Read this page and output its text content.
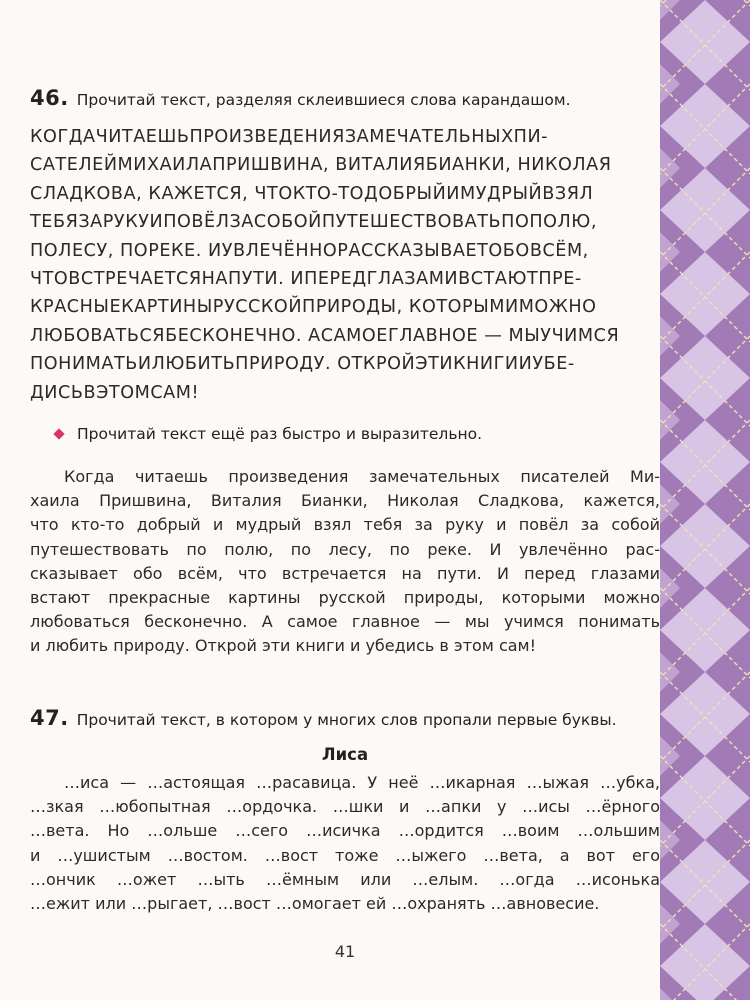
46. Прочитай текст, разделяя склеившиеся слова карандашом.
КОГДАЧИТАЕШЬПРОИЗВЕДЕНИЯЗАМЕЧАТЕЛЬНЫХПИ-
САТЕЛЕЙМИХАИЛАПРИШВИНА, ВИТАЛИЯБИАНКИ, НИКОЛАЯ
СЛАДКОВА, КАЖЕТСЯ, ЧТОКТО-ТОДОБРЫЙИМУДРЫЙВЗЯЛ
ТЕБЯЗАРУКУИПОВЁЛЗАСОБОЙПУТЕШЕСТВОВАТЬПОПОЛЮ,
ПОЛЕСУ, ПОРЕКЕ. ИУВЛЕЧЁННОРАССКАЗЫВАЕТОБОВСЁМ,
ЧТОВСТРЕЧАЕТСЯНАПУТИ. ИПЕРЕДГЛАЗАМИВСТАЮТПРЕ-
КРАСНЫЕКАРТИНЫРУССКОЙПРИРОДЫ, КОТОРЫМИМОЖНО
ЛЮБОВАТЬСЯБЕСКОНЕЧНО. АСАМОЕГЛАВНОЕ — МЫУЧИМСЯ
ПОНИМАТЬИЛЮБИТЬПРИРОДУ. ОТКРОЙЭТИКНИГИИУБЕ-
ДИСЬВЭТОМСАМ!
Прочитай текст ещё раз быстро и выразительно.
Когда читаешь произведения замечательных писателей Ми-
хаила Пришвина, Виталия Бианки, Николая Сладкова, кажется,
что кто-то добрый и мудрый взял тебя за руку и повёл за собой
путешествовать по полю, по лесу, по реке. И увлечённо рас-
сказывает обо всём, что встречается на пути. И перед глазами
встают прекрасные картины русской природы, которыми можно
любоваться бесконечно. А самое главное — мы учимся понимать
и любить природу. Открой эти книги и убедись в этом сам!
47. Прочитай текст, в котором у многих слов пропали первые буквы.
Лиса
…иса — …астоящая …расавица. У неё …икарная …ыжая …убка,
…зкая …юбопытная …ордочка. …шки и …апки у …исы …ёрного
…вета. Но …ольше …сего …исичка …ордится …воим …ольшим
и …ушистым …востом. …вост тоже …ыжего …вета, а вот его
…ончик …ожет …ыть …ёмным или …елым. …огда …исонька
…ежит или …рыгает, …вост …омогает ей …охранять …авновесие.
41
